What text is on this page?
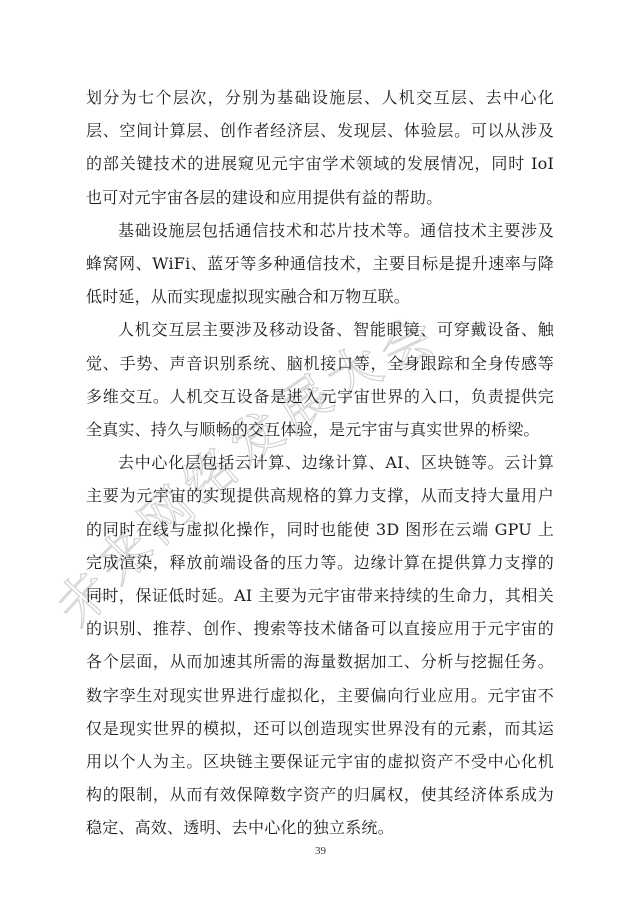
未来网络发展大会

划分为七个层次，分别为基础设施层、人机交互层、去中心化层、空间计算层、创作者经济层、发现层、体验层。可以从涉及的部关键技术的进展窥见元宇宙学术领域的发展情况，同时 IoI 也可对元宇宙各层的建设和应用提供有益的帮助。

基础设施层包括通信技术和芯片技术等。通信技术主要涉及蜂窝网、WiFi、蓝牙等多种通信技术，主要目标是提升速率与降低时延，从而实现虚拟现实融合和万物互联。

人机交互层主要涉及移动设备、智能眼镜、可穿戴设备、触觉、手势、声音识别系统、脑机接口等，全身跟踪和全身传感等多维交互。人机交互设备是进入元宇宙世界的入口，负责提供完全真实、持久与顺畅的交互体验，是元宇宙与真实世界的桥梁。

去中心化层包括云计算、边缘计算、AI、区块链等。云计算主要为元宇宙的实现提供高规格的算力支撑，从而支持大量用户的同时在线与虚拟化操作，同时也能使 3D 图形在云端 GPU 上完成渲染，释放前端设备的压力等。边缘计算在提供算力支撑的同时，保证低时延。AI 主要为元宇宙带来持续的生命力，其相关的识别、推荐、创作、搜索等技术储备可以直接应用于元宇宙的各个层面，从而加速其所需的海量数据加工、分析与挖掘任务。数字孪生对现实世界进行虚拟化，主要偏向行业应用。元宇宙不仅是现实世界的模拟，还可以创造现实世界没有的元素，而其运用以个人为主。区块链主要保证元宇宙的虚拟资产不受中心化机构的限制，从而有效保障数字资产的归属权，使其经济体系成为稳定、高效、透明、去中心化的独立系统。

39
